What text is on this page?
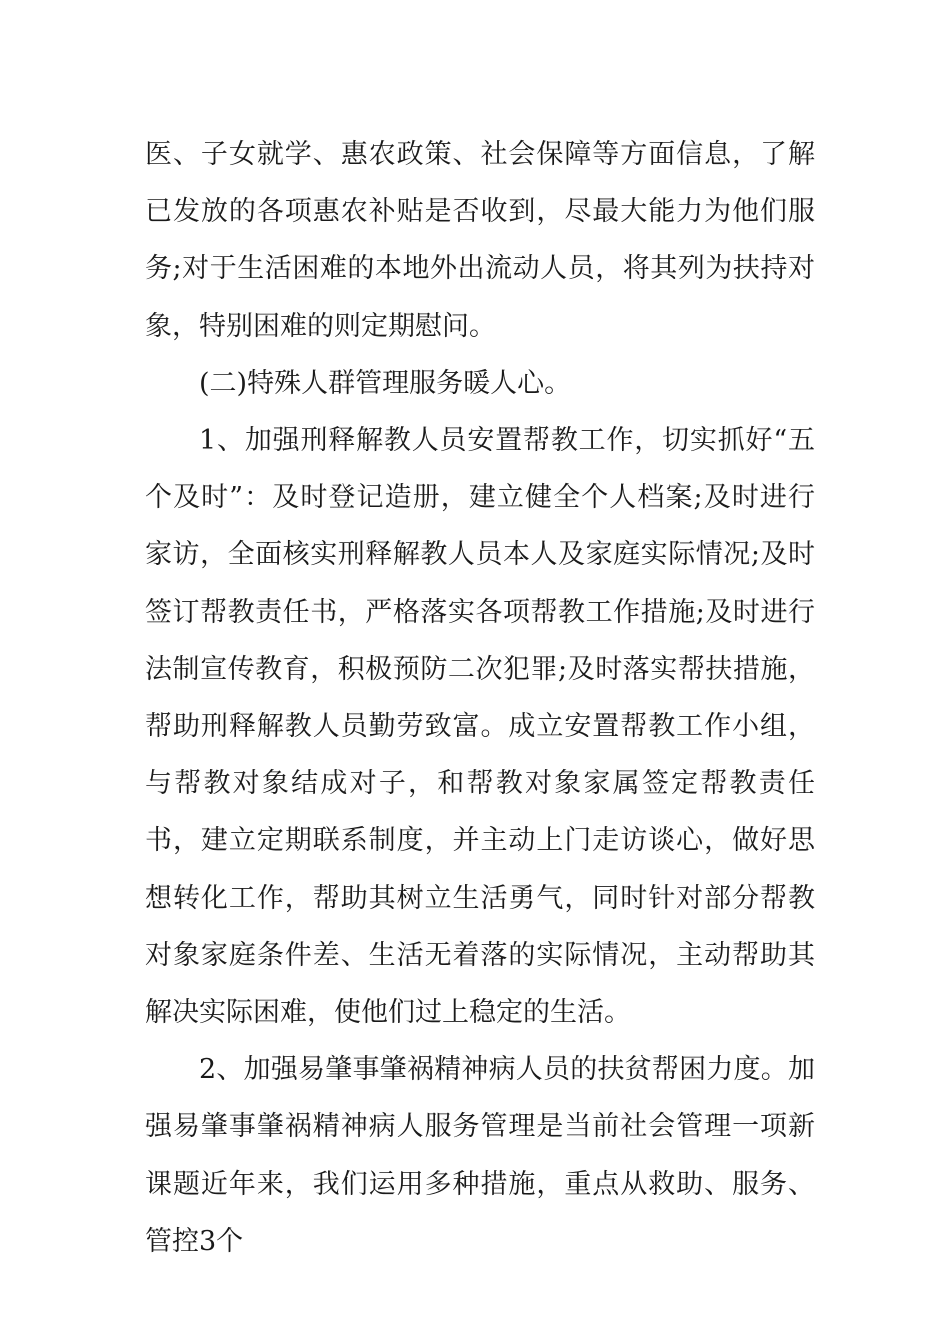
医、子女就学、惠农政策、社会保障等方面信息，了解已发放的各项惠农补贴是否收到，尽最大能力为他们服务;对于生活困难的本地外出流动人员，将其列为扶持对象，特别困难的则定期慰问。

(二)特殊人群管理服务暖人心。

1、加强刑释解教人员安置帮教工作，切实抓好“五个及时”：及时登记造册，建立健全个人档案;及时进行家访，全面核实刑释解教人员本人及家庭实际情况;及时签订帮教责任书，严格落实各项帮教工作措施;及时进行法制宣传教育，积极预防二次犯罪;及时落实帮扶措施，帮助刑释解教人员勤劳致富。成立安置帮教工作小组，与帮教对象结成对子，和帮教对象家属签定帮教责任书，建立定期联系制度，并主动上门走访谈心，做好思想转化工作，帮助其树立生活勇气，同时针对部分帮教对象家庭条件差、生活无着落的实际情况，主动帮助其解决实际困难，使他们过上稳定的生活。

2、加强易肇事肇祸精神病人员的扶贫帮困力度。加强易肇事肇祸精神病人服务管理是当前社会管理一项新课题近年来，我们运用多种措施，重点从救助、服务、管控3个
